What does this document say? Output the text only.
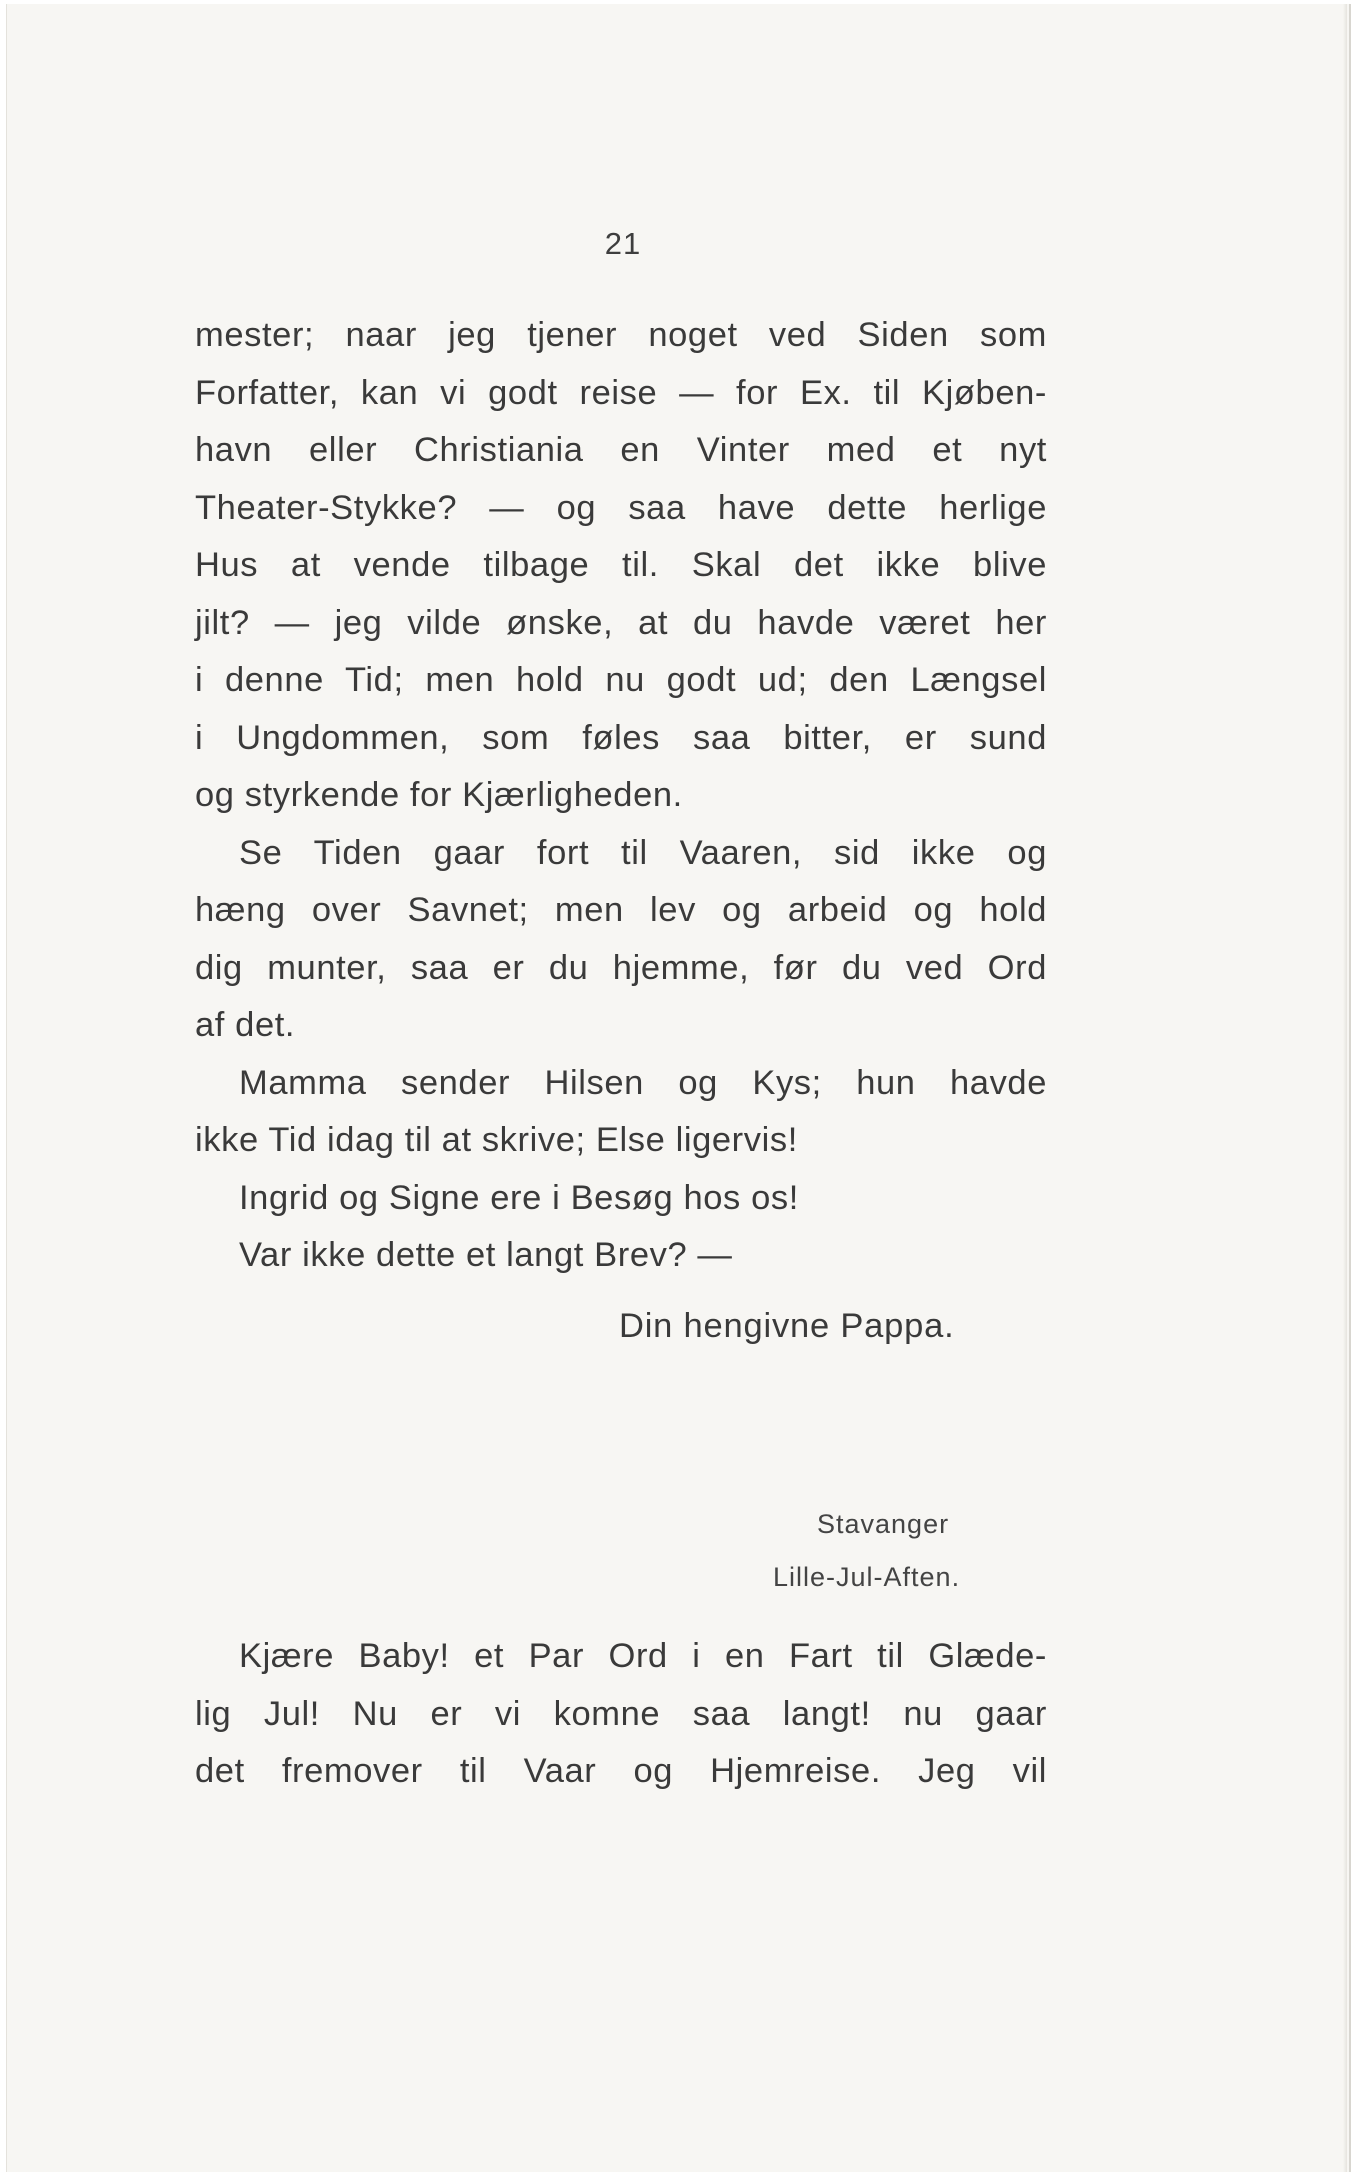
21
mester; naar jeg tjener noget ved Siden som
Forfatter, kan vi godt reise — for Ex. til Kjøben-
havn eller Christiania en Vinter med et nyt
Theater-Stykke? — og saa have dette herlige
Hus at vende tilbage til. Skal det ikke blive
jilt? — jeg vilde ønske, at du havde været her
i denne Tid; men hold nu godt ud; den Længsel
i Ungdommen, som føles saa bitter, er sund
og styrkende for Kjærligheden.
Se Tiden gaar fort til Vaaren, sid ikke og
hæng over Savnet; men lev og arbeid og hold
dig munter, saa er du hjemme, før du ved Ord
af det.
Mamma sender Hilsen og Kys; hun havde
ikke Tid idag til at skrive; Else ligervis!
Ingrid og Signe ere i Besøg hos os!
Var ikke dette et langt Brev? —
Din hengivne Pappa.
Stavanger
Lille-Jul-Aften.
Kjære Baby! et Par Ord i en Fart til Glæde-
lig Jul! Nu er vi komne saa langt! nu gaar
det fremover til Vaar og Hjemreise. Jeg vil
